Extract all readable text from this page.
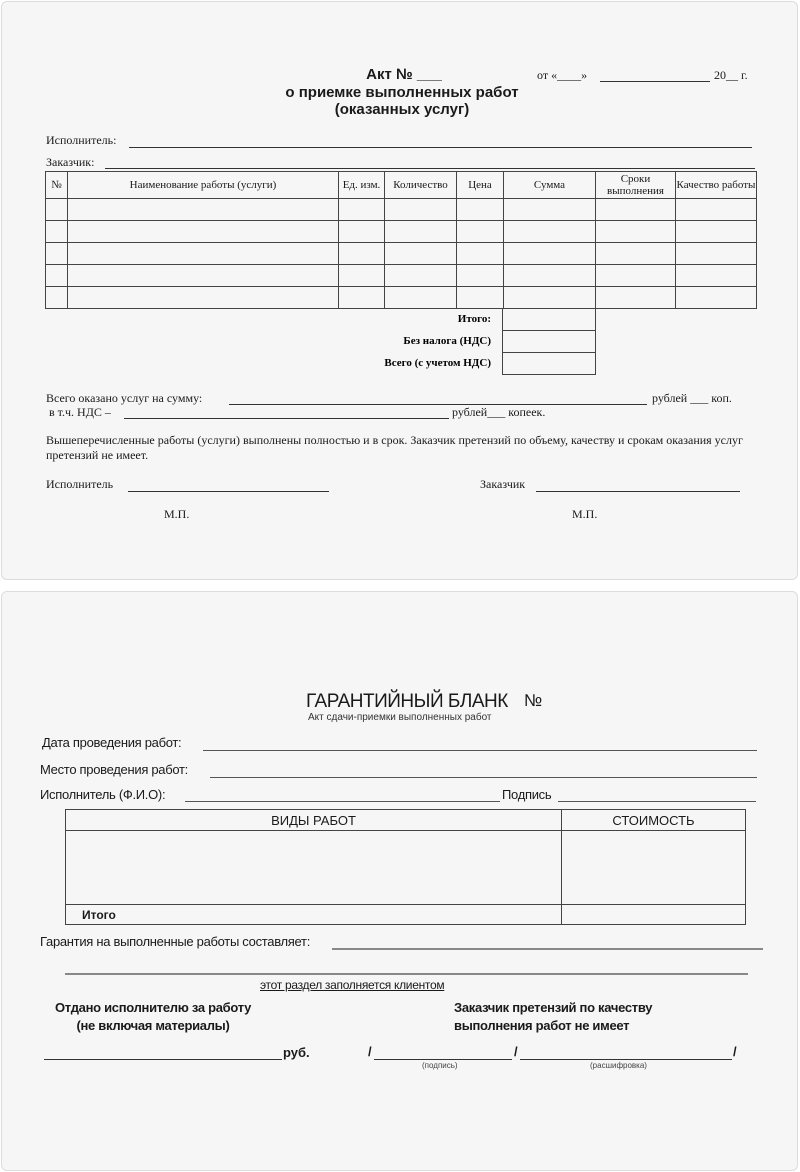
Акт № ___	от «____»	20__ г.
о приемке выполненных работ
(оказанных услуг)
Исполнитель:
Заказчик:
№	Наименование работы (услуги)	Ед. изм.	Количество	Цена	Сумма	Сроки выполнения	Качество работы

Итого:
Без налога (НДС)
Всего (с учетом НДС)

Всего оказано услуг на сумму:	рублей ___ коп.
в т.ч. НДС –	рублей___ копеек.
Вышеперечисленные работы (услуги) выполнены полностью и в срок. Заказчик претензий по объему, качеству и срокам оказания услуг претензий не имеет.
Исполнитель	Заказчик
М.П.	М.П.
ГАРАНТИЙНЫЙ БЛАНК №
Акт сдачи-приемки выполненных работ
Дата проведения работ:
Место проведения работ:
Исполнитель (Ф.И.О):	Подпись
ВИДЫ РАБОТ	СТОИМОСТЬ

Итого	
Гарантия на выполненные работы составляет:
этот раздел заполняется клиентом
Отдано исполнителю за работу
(не включая материалы)
Заказчик претензий по качеству
выполнения работ не имеет
руб.	/	/	/
(подпись)	(расшифровка)
